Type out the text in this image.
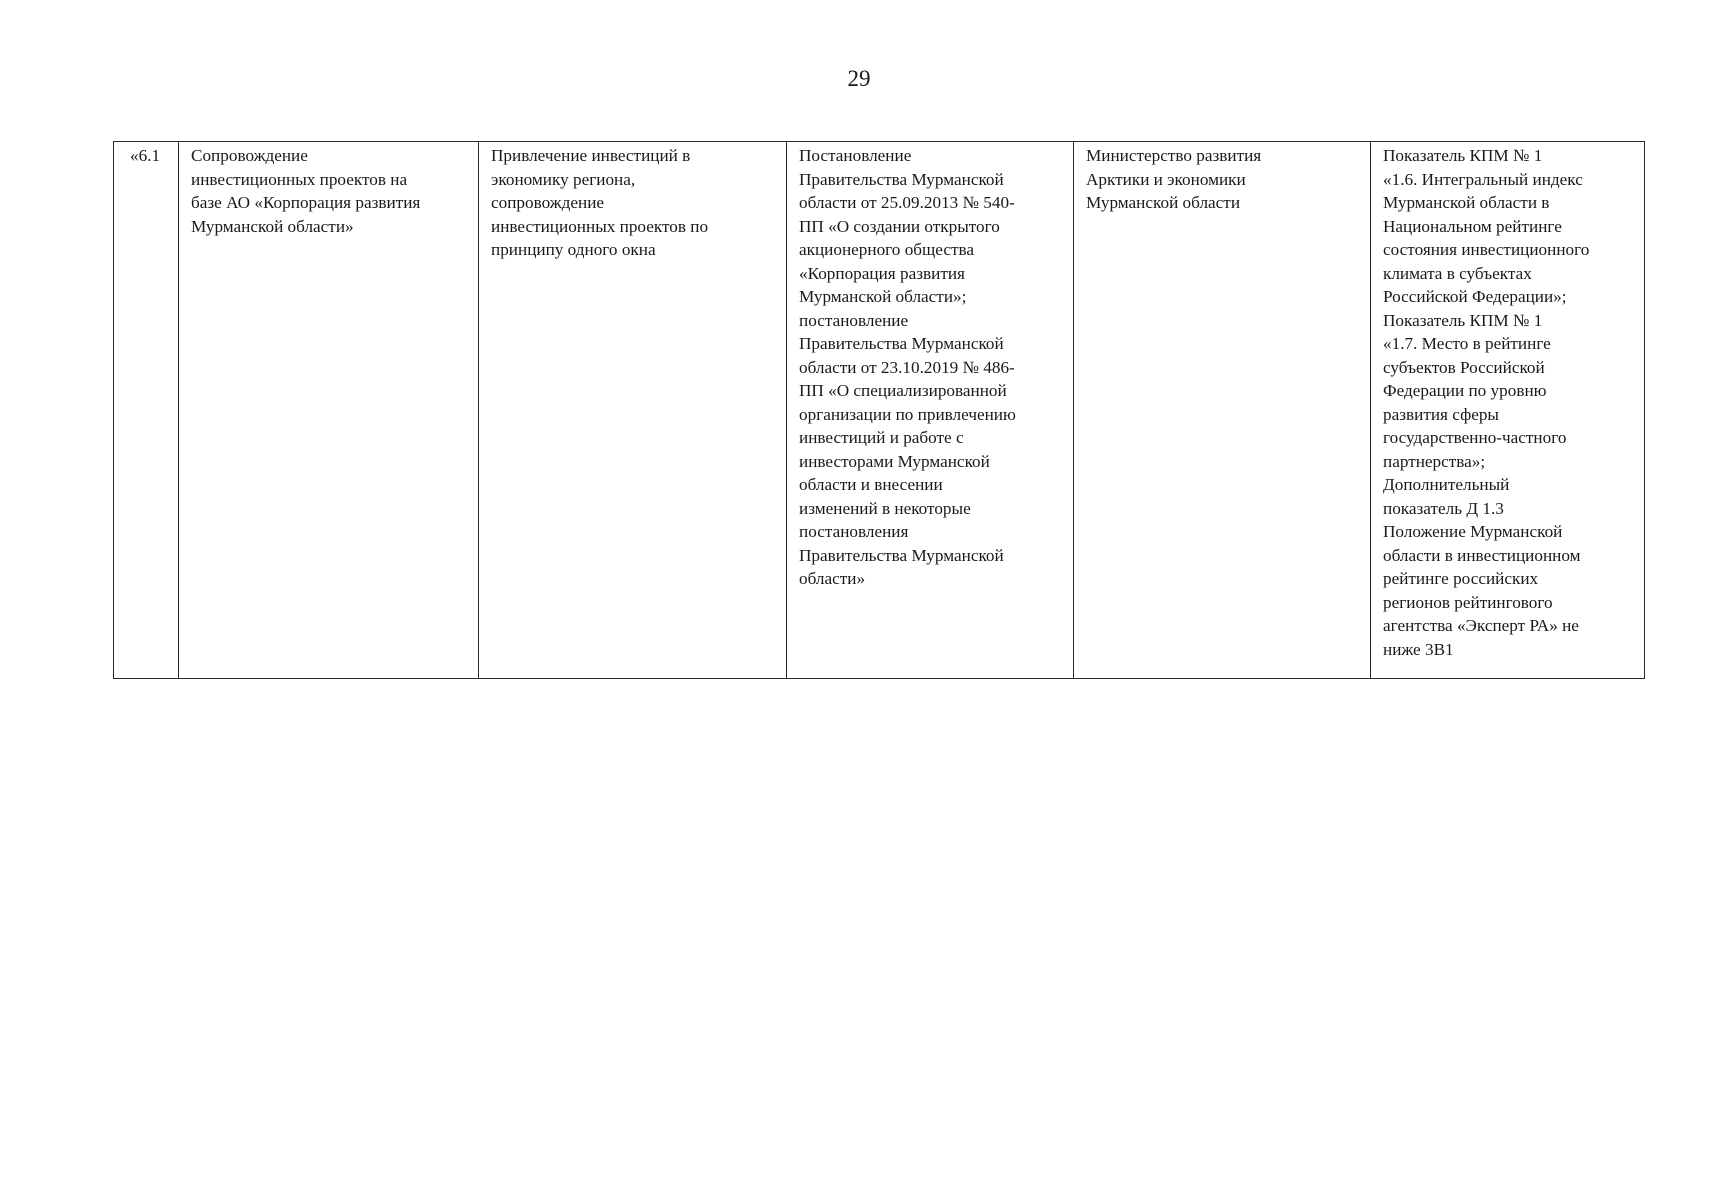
29
«6.1	Сопровождение
инвестиционных проектов на
базе АО «Корпорация развития
Мурманской области»	Привлечение инвестиций в
экономику региона,
сопровождение
инвестиционных проектов по
принципу одного окна	Постановление
Правительства Мурманской
области от 25.09.2013 № 540-
ПП «О создании открытого
акционерного общества
«Корпорация развития
Мурманской области»;
постановление
Правительства Мурманской
области от 23.10.2019 № 486-
ПП «О специализированной
организации по привлечению
инвестиций и работе с
инвесторами Мурманской
области и внесении
изменений в некоторые
постановления
Правительства Мурманской
области»	Министерство развития
Арктики и экономики
Мурманской области	Показатель КПМ № 1
«1.6. Интегральный индекс
Мурманской области в
Национальном рейтинге
состояния инвестиционного
климата в субъектах
Российской Федерации»;
Показатель КПМ № 1
«1.7. Место в рейтинге
субъектов Российской
Федерации по уровню
развития сферы
государственно-частного
партнерства»;
Дополнительный
показатель Д 1.3
Положение Мурманской
области в инвестиционном
рейтинге российских
регионов рейтингового
агентства «Эксперт РА» не
ниже 3В1
